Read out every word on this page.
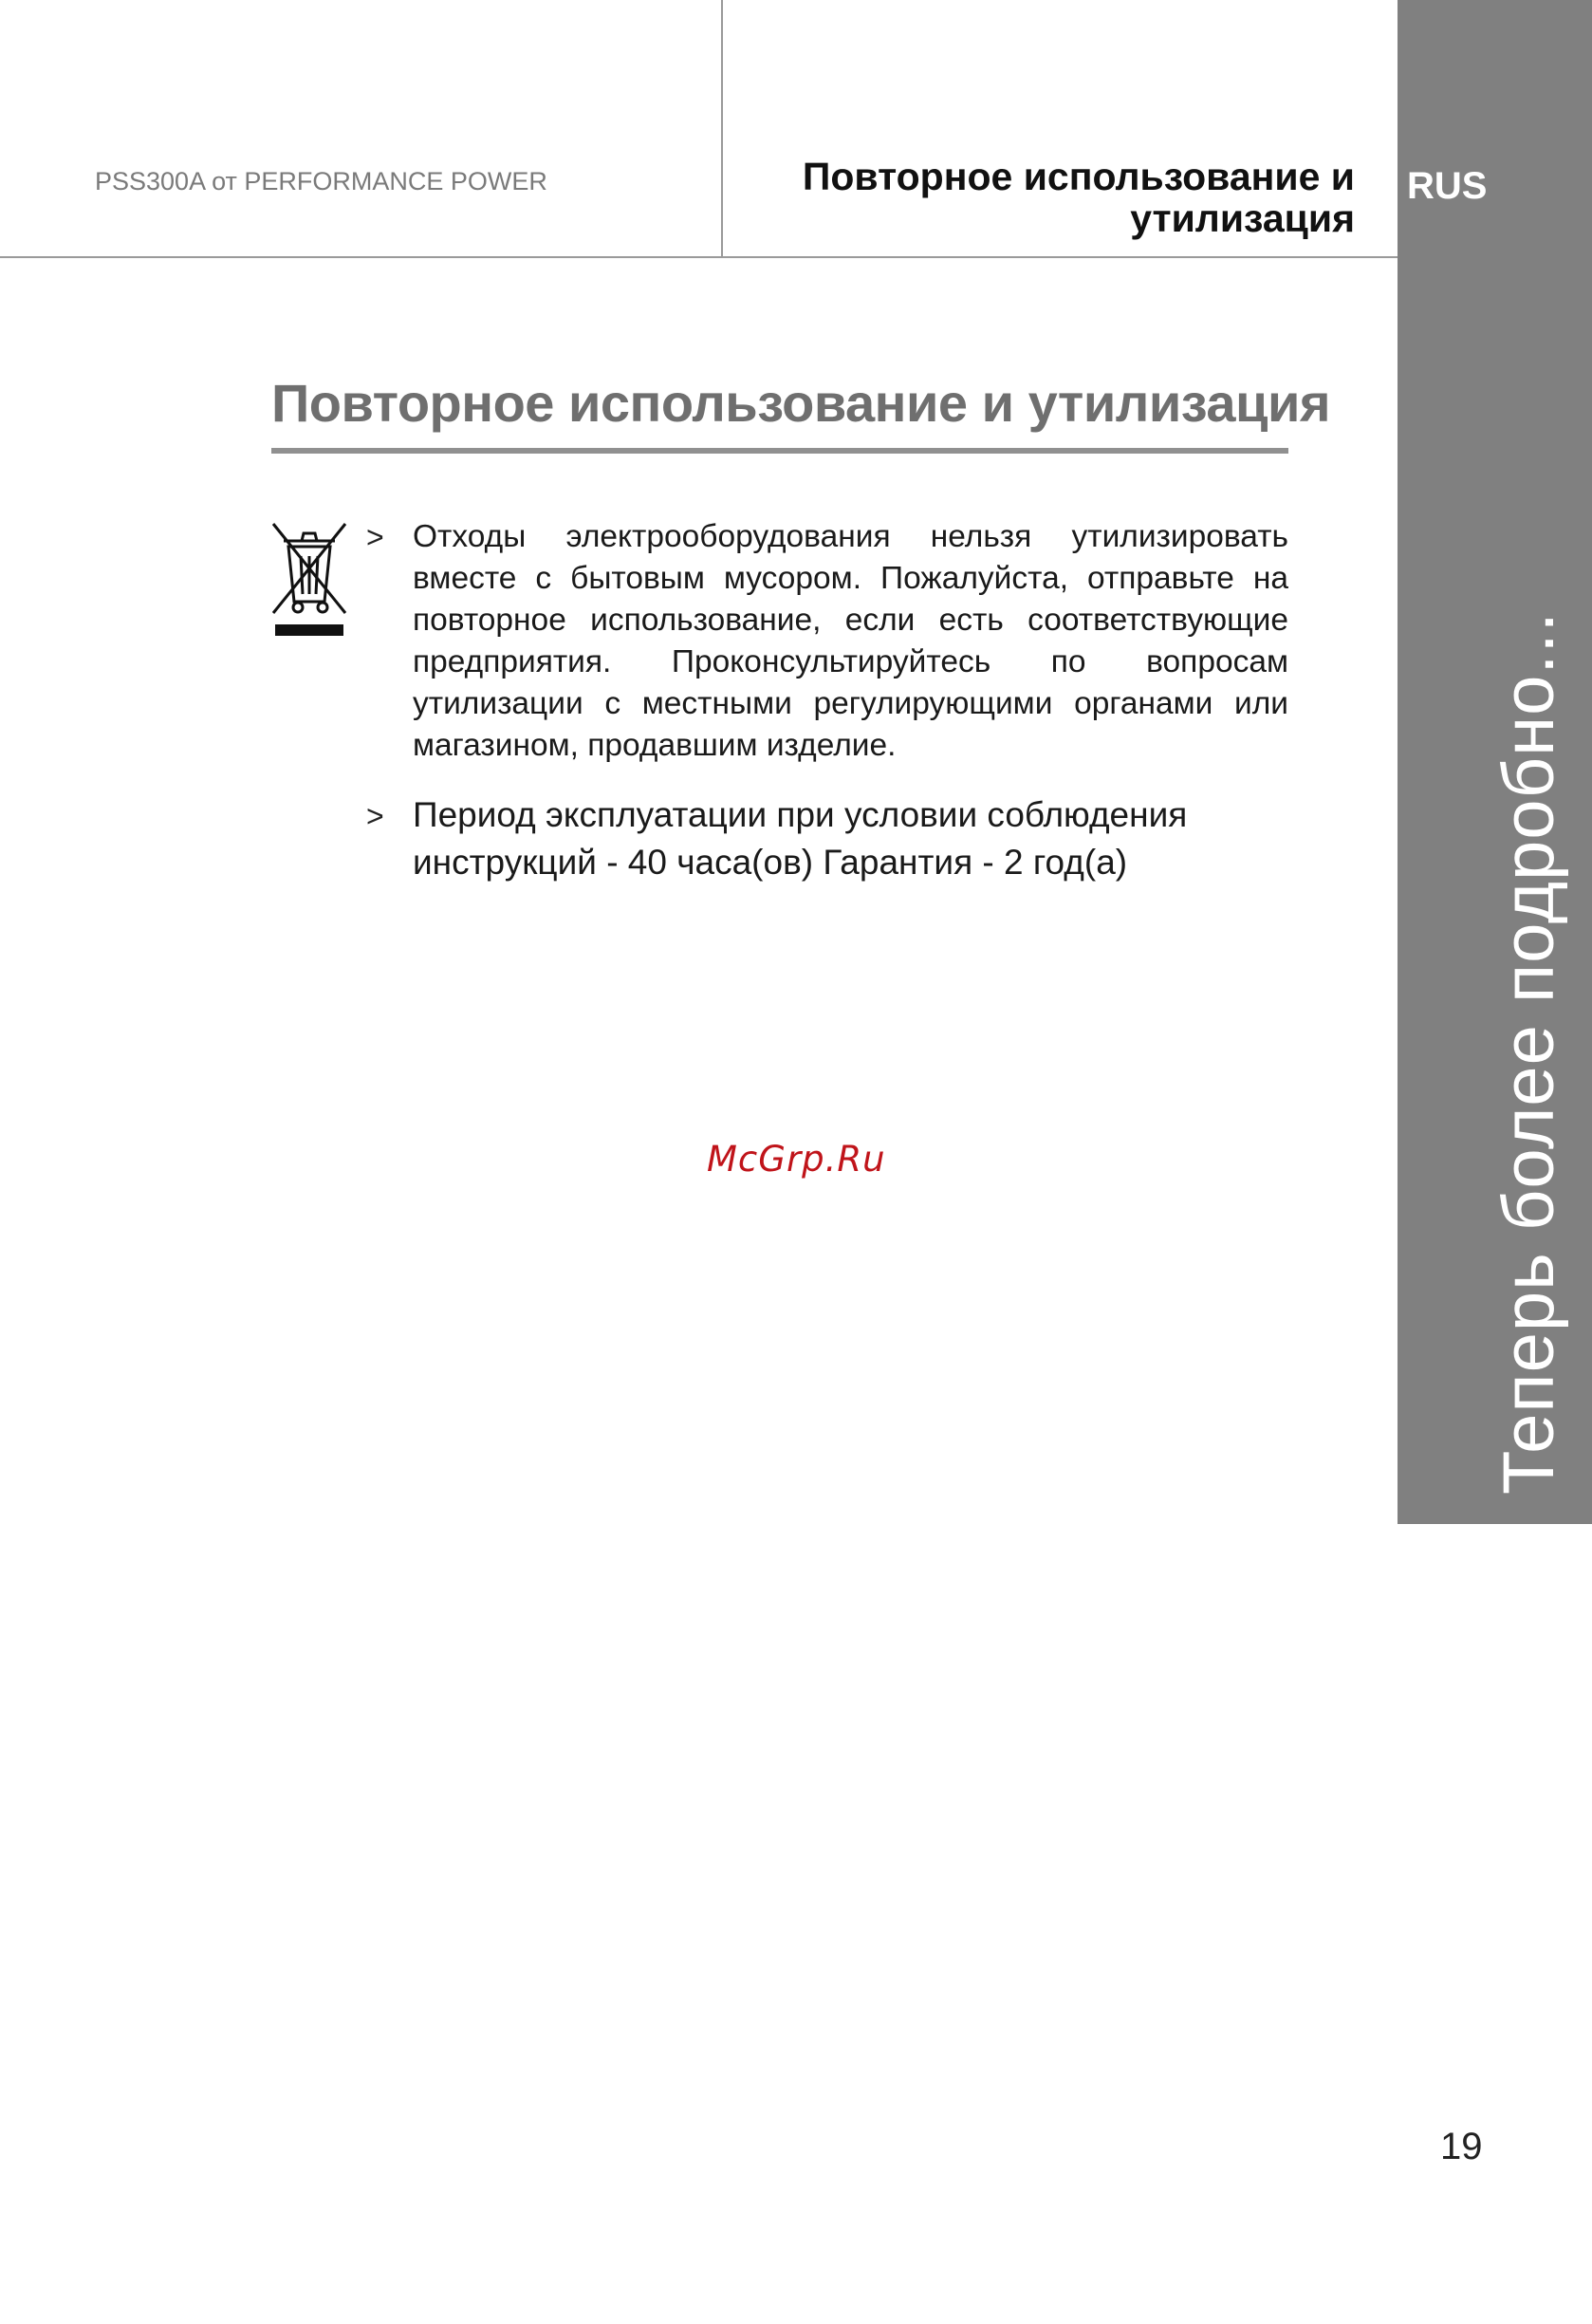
PSS300A от PERFORMANCE POWER	Повторное использование и
утилизация
RUS
Теперь более подробно...
Повторное использование и утилизация
> Отходы электрооборудования нельзя утилизировать вместе с бытовым мусором. Пожалуйста, отправьте на повторное использование, если есть соответствующие предприятия. Проконсультируйтесь по вопросам утилизации с местными регулирующими органами или магазином, продавшим изделие.
> Период эксплуатации при условии соблюдения инструкций - 40 часа(ов) Гарантия - 2 год(а)
McGrp.Ru
19
